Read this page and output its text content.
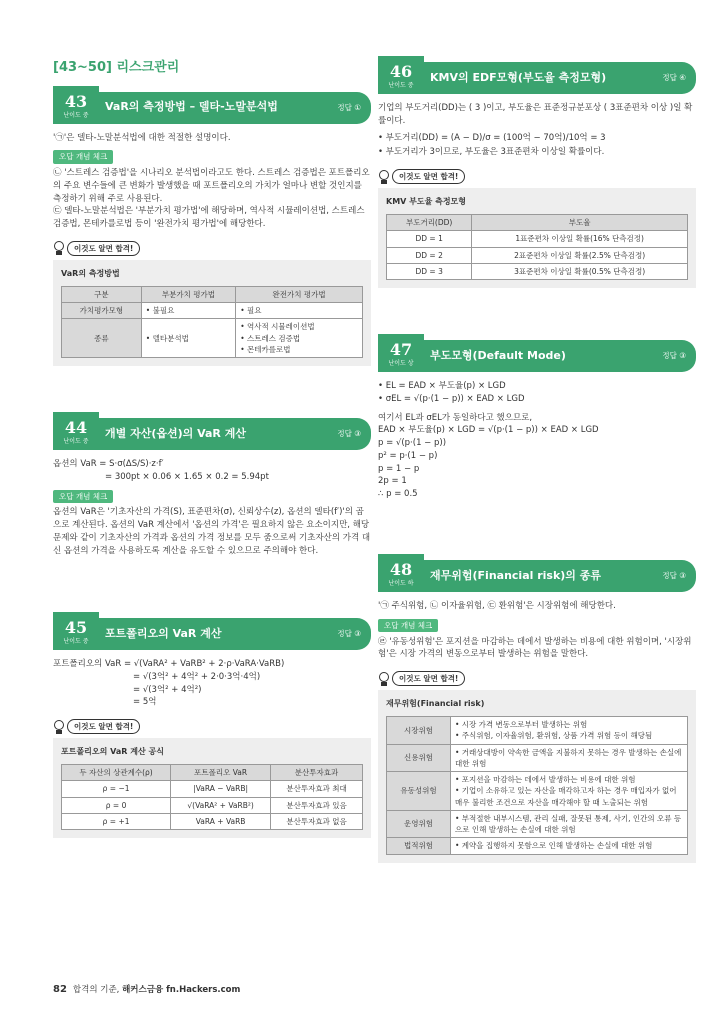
[43~50] 리스크관리
43
난이도 중
VaR의 측정방법 – 델타-노말분석법	정답 ①
'㉠'은 델타-노말분석법에 대한 적절한 설명이다.
오답 개념 체크
㉡ '스트레스 검증법'을 시나리오 분석법이라고도 한다. 스트레스 검증법은 포트폴리오의 주요 변수들에 큰 변화가 발생했을 때 포트폴리오의 가치가 얼마나 변할 것인지를 측정하기 위해 주로 사용된다.
㉢ 델타-노말분석법은 '부분가치 평가법'에 해당하며, 역사적 시뮬레이션법, 스트레스 검증법, 몬테카를로법 등이 '완전가치 평가법'에 해당한다.
이것도 알면 합격!
VaR의 측정방법
구분	부분가치 평가법	완전가치 평가법
가치평가모형	• 불필요	• 필요
종류	• 델타분석법	• 역사적 시뮬레이션법
• 스트레스 검증법
• 몬테카를로법
44
난이도 중
개별 자산(옵션)의 VaR 계산	정답 ③
옵션의 VaR = S·σ(ΔS/S)·z·f′
= 300pt × 0.06 × 1.65 × 0.2 = 5.94pt
오답 개념 체크
옵션의 VaR은 '기초자산의 가격(S), 표준편차(σ), 신뢰상수(z), 옵션의 델타(f′)'의 곱으로 계산된다. 옵션의 VaR 계산에서 '옵션의 가격'은 필요하지 않은 요소이지만, 해당 문제와 같이 기초자산의 가격과 옵션의 가격 정보를 모두 줌으로써 기초자산의 가격 대신 옵션의 가격을 사용하도록 계산을 유도할 수 있으므로 주의해야 한다.
45
난이도 중
포트폴리오의 VaR 계산	정답 ③
포트폴리오의 VaR = √(VaRA² + VaRB² + 2·ρ·VaRA·VaRB)
= √(3억² + 4억² + 2·0·3억·4억)
= √(3억² + 4억²)
= 5억
이것도 알면 합격!
포트폴리오의 VaR 계산 공식
두 자산의 상관계수(ρ)	포트폴리오 VaR	분산투자효과
ρ = −1	|VaRA − VaRB|	분산투자효과 최대
ρ = 0	√(VaRA² + VaRB²)	분산투자효과 있음
ρ = +1	VaRA + VaRB	분산투자효과 없음
46
난이도 중
KMV의 EDF모형(부도율 측정모형)	정답 ④
기업의 부도거리(DD)는 ( 3 )이고, 부도율은 표준정규분포상 ( 3표준편차 이상 )일 확률이다.
• 부도거리(DD) = (A − D)/σ = (100억 − 70억)/10억 = 3
• 부도거리가 3이므로, 부도율은 3표준편차 이상일 확률이다.
이것도 알면 합격!
KMV 부도율 측정모형
부도거리(DD)	부도율
DD = 1	1표준편차 이상일 확률(16% 단측검정)
DD = 2	2표준편차 이상일 확률(2.5% 단측검정)
DD = 3	3표준편차 이상일 확률(0.5% 단측검정)
47
난이도 상
부도모형(Default Mode)	정답 ③
• EL = EAD × 부도율(p) × LGD
• σEL = √(p·(1 − p)) × EAD × LGD
여기서 EL과 σEL가 동일하다고 했으므로,
EAD × 부도율(p) × LGD = √(p·(1 − p)) × EAD × LGD
p = √(p·(1 − p))
p² = p·(1 − p)
p = 1 − p
2p = 1
∴ p = 0.5
48
난이도 하
재무위험(Financial risk)의 종류	정답 ③
'㉠ 주식위험, ㉡ 이자율위험, ㉢ 환위험'은 시장위험에 해당한다.
오답 개념 체크
㉣ '유동성위험'은 포지션을 마감하는 데에서 발생하는 비용에 대한 위험이며, '시장위험'은 시장 가격의 변동으로부터 발생하는 위험을 말한다.
이것도 알면 합격!
재무위험(Financial risk)
시장위험	• 시장 가격 변동으로부터 발생하는 위험
• 주식위험, 이자율위험, 환위험, 상품 가격 위험 등이 해당됨

신용위험	• 거래상대방이 약속한 금액을 지불하지 못하는 경우 발생하는 손실에 대한 위험

유동성위험	• 포지션을 마감하는 데에서 발생하는 비용에 대한 위험
• 기업이 소유하고 있는 자산을 매각하고자 하는 경우 매입자가 없어 매우 불리한 조건으로 자산을 매각해야 할 때 노출되는 위험

운영위험	• 부적절한 내부시스템, 관리 실패, 잘못된 통제, 사기, 인간의 오류 등으로 인해 발생하는 손실에 대한 위험

법적위험	• 계약을 집행하지 못함으로 인해 발생하는 손실에 대한 위험
82 합격의 기준, 해커스금융 fn.Hackers.com
